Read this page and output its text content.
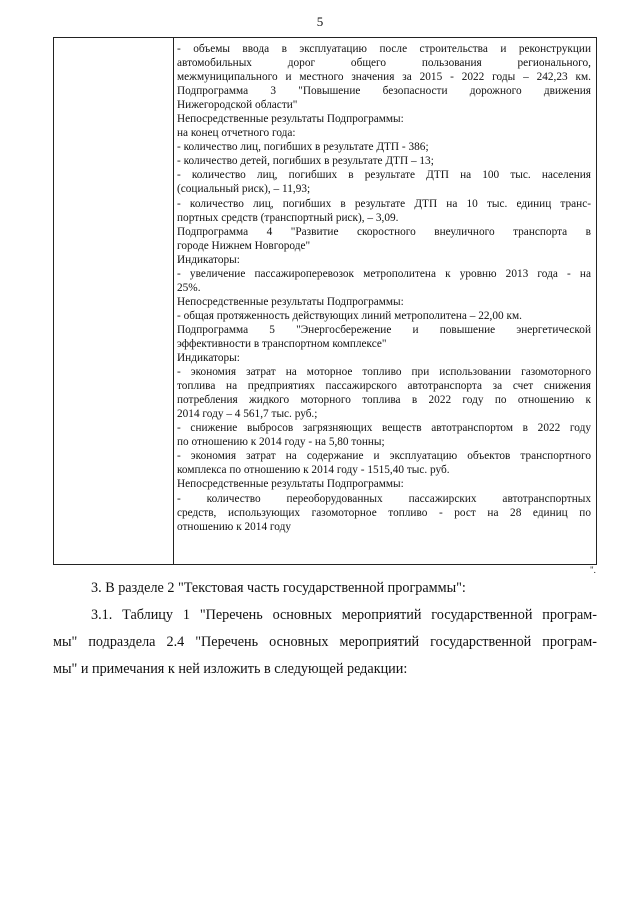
5
- объемы ввода в эксплуатацию после строительства и реконструкции
автомобильных дорог общего пользования регионального,
межмуниципального и местного значения за 2015 - 2022 годы – 242,23 км.
Подпрограмма 3 "Повышение безопасности дорожного движения
Нижегородской области"
Непосредственные результаты Подпрограммы:
на конец отчетного года:
- количество лиц, погибших в результате ДТП - 386;
- количество детей, погибших в результате ДТП – 13;
- количество лиц, погибших в результате ДТП на 100 тыс. населения
(социальный риск), – 11,93;
- количество лиц, погибших в результате ДТП на 10 тыс. единиц транс-
портных средств (транспортный риск), – 3,09.
Подпрограмма 4 "Развитие скоростного внеуличного транспорта в
городе Нижнем Новгороде"
Индикаторы:
- увеличение пассажироперевозок метрополитена к уровню 2013 года - на
25%.
Непосредственные результаты Подпрограммы:
- общая протяженность действующих линий метрополитена – 22,00 км.
Подпрограмма 5 "Энергосбережение и повышение энергетической
эффективности в транспортном комплексе"
Индикаторы:
- экономия затрат на моторное топливо при использовании газомоторного
топлива на предприятиях пассажирского автотранспорта за счет снижения
потребления жидкого моторного топлива в 2022 году по отношению к
2014 году – 4 561,7 тыс. руб.;
- снижение выбросов загрязняющих веществ автотранспортом в 2022 году
по отношению к 2014 году - на 5,80 тонны;
- экономия затрат на содержание и эксплуатацию объектов транспортного
комплекса по отношению к 2014 году - 1515,40 тыс. руб.
Непосредственные результаты Подпрограммы:
- количество переоборудованных пассажирских автотранспортных
средств, использующих газомоторное топливо - рост на 28 единиц по
отношению к 2014 году
".
3. В разделе 2 "Текстовая часть государственной программы":
3.1. Таблицу 1 "Перечень основных мероприятий государственной програм-
мы" подраздела 2.4 "Перечень основных мероприятий государственной програм-
мы" и примечания к ней изложить в следующей редакции:
